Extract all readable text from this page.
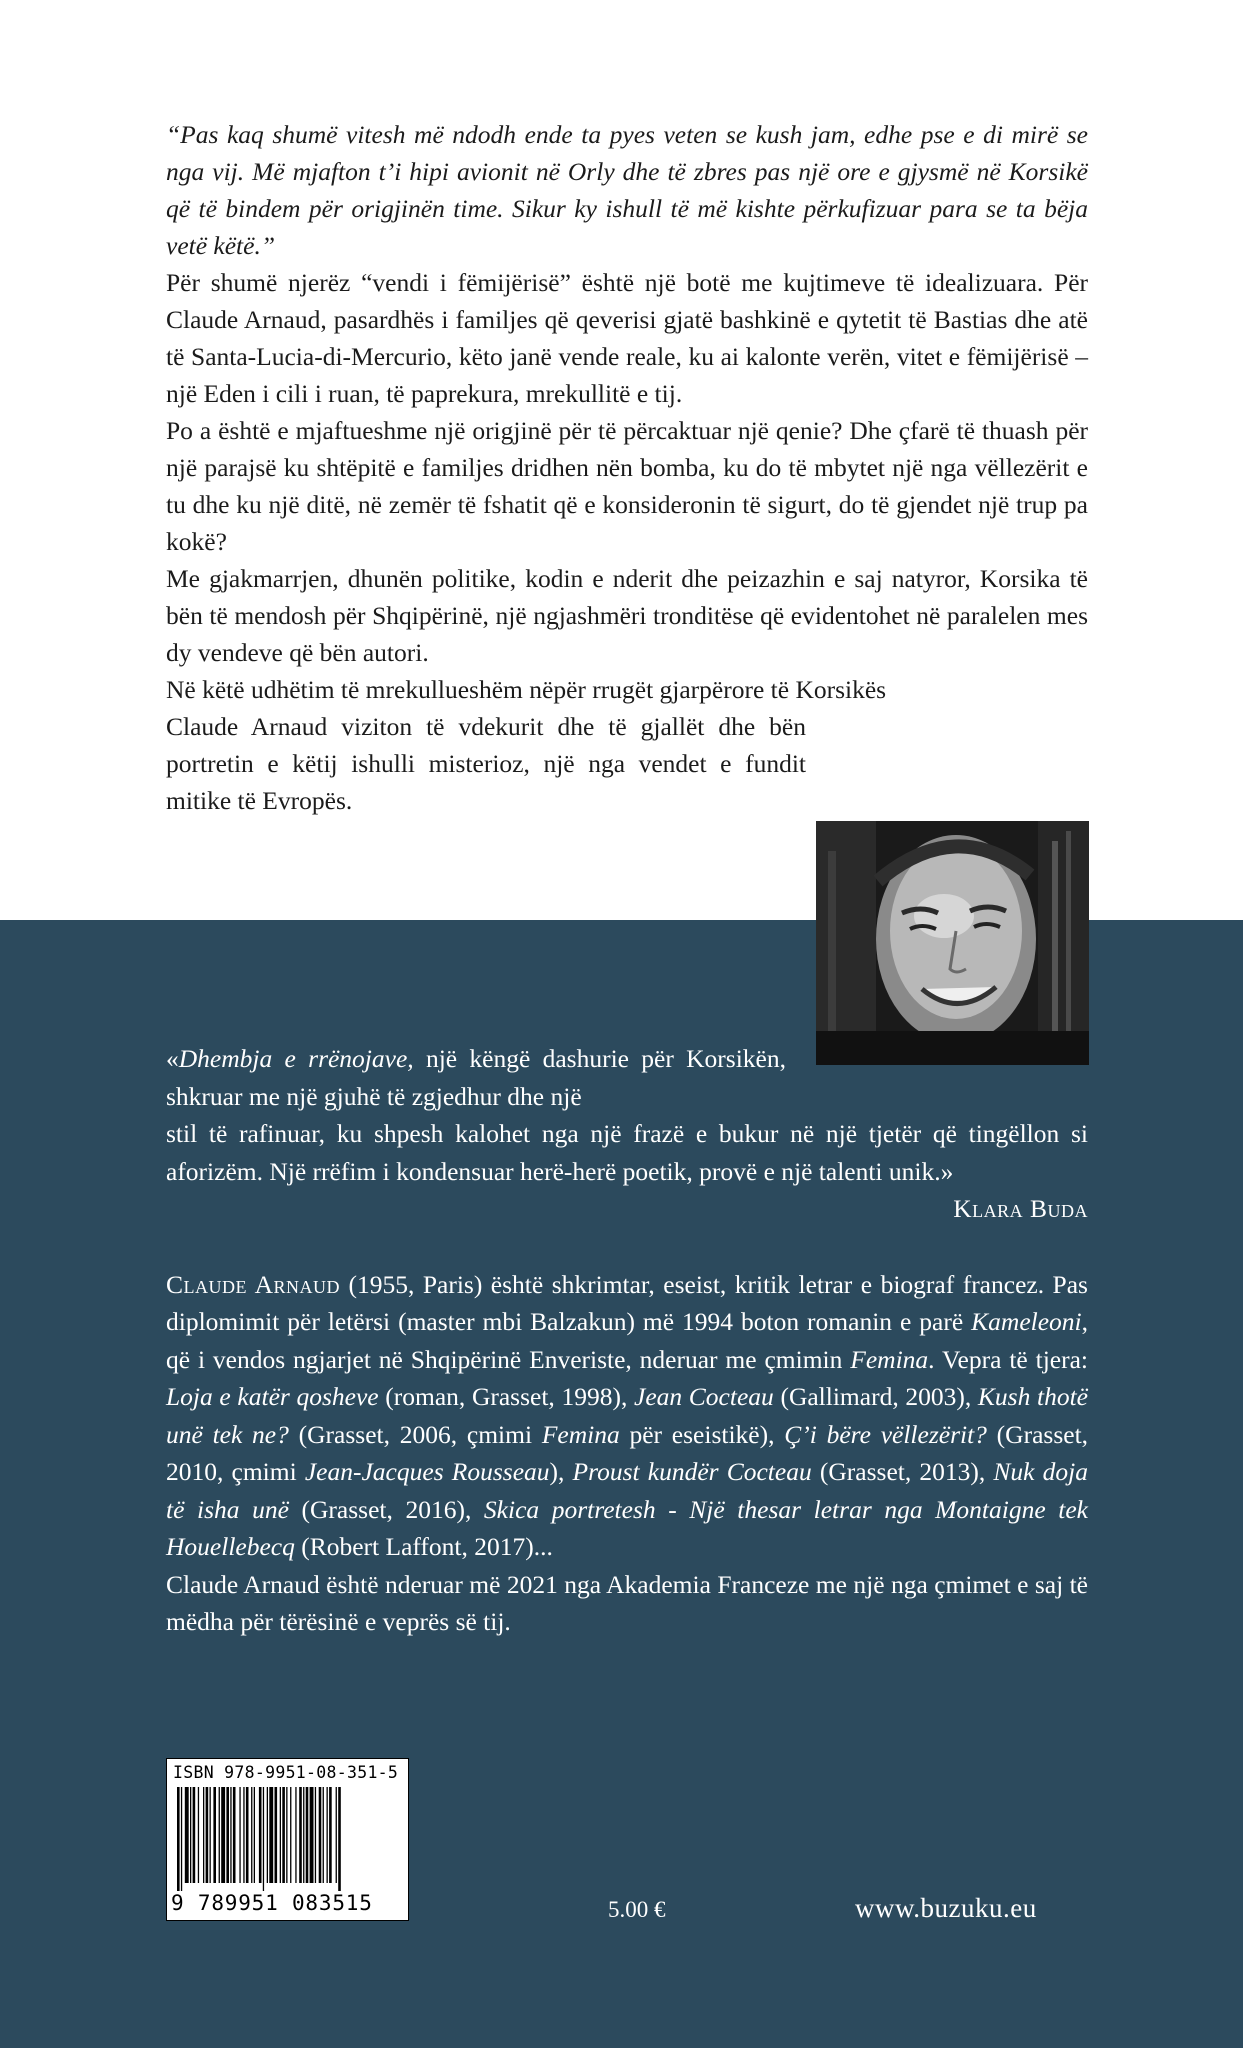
“Pas kaq shumë vitesh më ndodh ende ta pyes veten se kush jam, edhe pse e di mirë se nga vij. Më mjafton t’i hipi avionit në Orly dhe të zbres pas një ore e gjysmë në Korsikë që të bindem për origjinën time. Sikur ky ishull të më kishte përkufizuar para se ta bëja vetë këtë.”

Për shumë njerëz “vendi i fëmijërisë” është një botë me kujtimeve të idealizuara. Për Claude Arnaud, pasardhës i familjes që qeverisi gjatë bashkinë e qytetit të Bastias dhe atë të Santa-Lucia-di-Mercurio, këto janë vende reale, ku ai kalonte verën, vitet e fëmijërisë – një Eden i cili i ruan, të paprekura, mrekullitë e tij.

Po a është e mjaftueshme një origjinë për të përcaktuar një qenie? Dhe çfarë të thuash për një parajsë ku shtëpitë e familjes dridhen nën bomba, ku do të mbytet një nga vëllezërit e tu dhe ku një ditë, në zemër të fshatit që e konsideronin të sigurt, do të gjendet një trup pa kokë?

Me gjakmarrjen, dhunën politike, kodin e nderit dhe peizazhin e saj natyror, Korsika të bën të mendosh për Shqipërinë, një ngjashmëri tronditëse që evidentohet në paralelen mes dy vendeve që bën autori.

Në këtë udhëtim të mrekullueshëm nëpër rrugët gjarpërore të Korsikës

Claude Arnaud viziton të vdekurit dhe të gjallët dhe bën portretin e këtij ishulli misterioz, një nga vendet e fundit mitike të Evropës.

«Dhembja e rrënojave, një këngë dashurie për Korsikën, shkruar me një gjuhë të zgjedhur dhe një

stil të rafinuar, ku shpesh kalohet nga një frazë e bukur në një tjetër që tingëllon si aforizëm. Një rrëfim i kondensuar herë-herë poetik, provë e një talenti unik.»

Klara Buda

Claude Arnaud (1955, Paris) është shkrimtar, eseist, kritik letrar e biograf francez. Pas diplomimit për letërsi (master mbi Balzakun) më 1994 boton romanin e parë Kameleoni, që i vendos ngjarjet në Shqipërinë Enveriste, nderuar me çmimin Femina. Vepra të tjera: Loja e katër qosheve (roman, Grasset, 1998), Jean Cocteau (Gallimard, 2003), Kush thotë unë tek ne? (Grasset, 2006, çmimi Femina për eseistikë), Ç’i bëre vëllezërit? (Grasset, 2010, çmimi Jean-Jacques Rousseau), Proust kundër Cocteau (Grasset, 2013), Nuk doja të isha unë (Grasset, 2016), Skica portretesh - Një thesar letrar nga Montaigne tek Houellebecq (Robert Laffont, 2017)...

Claude Arnaud është nderuar më 2021 nga Akademia Franceze me një nga çmimet e saj të mëdha për tërësinë e veprës së tij.

ISBN 978-9951-08-351-5
9 789951 083515	5.00 €	www.buzuku.eu
